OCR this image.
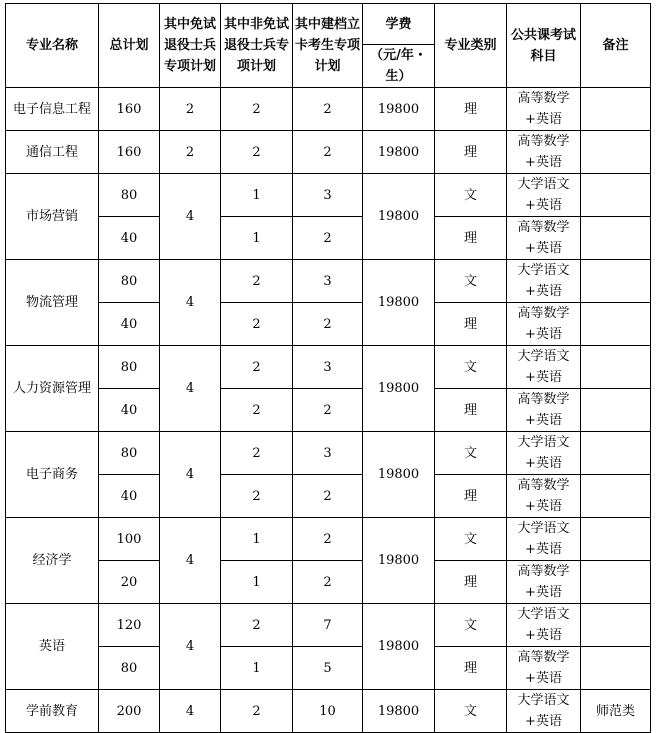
专业名称	总计划	其中免试退役士兵专项计划	其中非免试退役士兵专项计划	其中建档立卡考生专项计划	学费	专业类别	公共课考试科目	备注
					（元/年・生）			
电子信息工程	160	2	2	2	19800	理	高等数学+英语	
通信工程	160	2	2	2	19800	理	高等数学+英语	
市场营销	80	4	1	3	19800	文	大学语文+英语	
	40		1	2		理	高等数学+英语	
物流管理	80	4	2	3	19800	文	大学语文+英语	
	40		2	2		理	高等数学+英语	
人力资源管理	80	4	2	3	19800	文	大学语文+英语	
	40		2	2		理	高等数学+英语	
电子商务	80	4	2	3	19800	文	大学语文+英语	
	40		2	2		理	高等数学+英语	
经济学	100	4	1	2	19800	文	大学语文+英语	
	20		1	2		理	高等数学+英语	
英语	120	4	2	7	19800	文	大学语文+英语	
	80		1	5		理	高等数学+英语	
学前教育	200	4	2	10	19800	文	大学语文+英语	师范类
